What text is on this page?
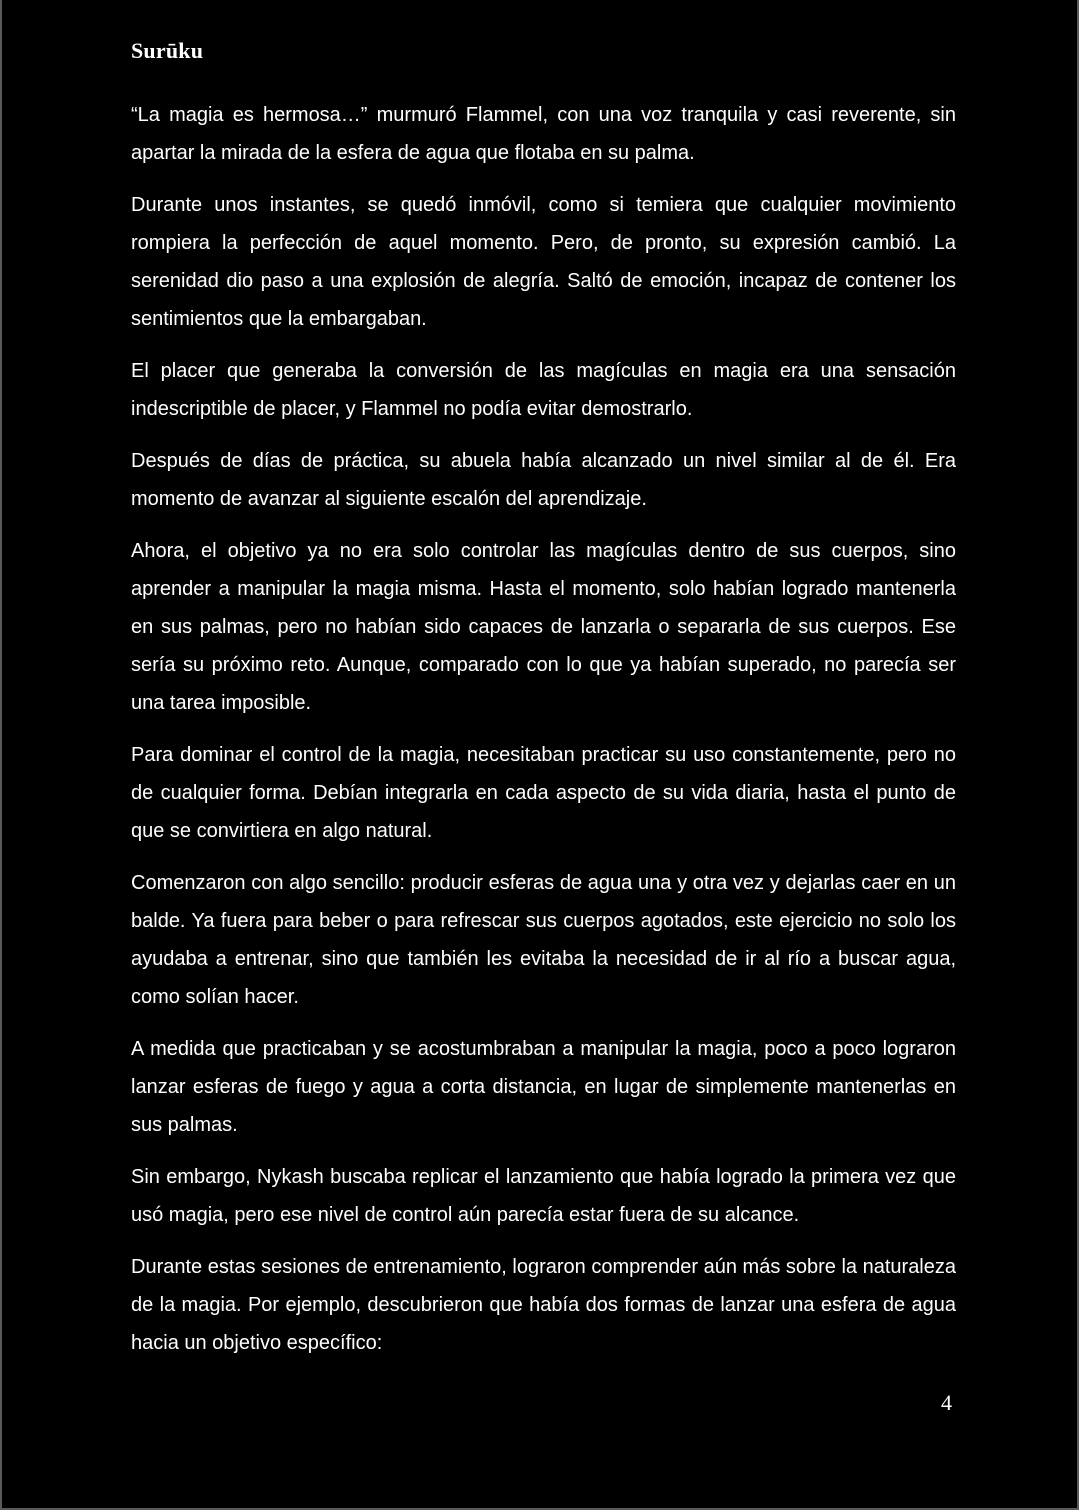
Surūku

“La magia es hermosa…” murmuró Flammel, con una voz tranquila y casi reverente, sin apartar la mirada de la esfera de agua que flotaba en su palma.

Durante unos instantes, se quedó inmóvil, como si temiera que cualquier movimiento rompiera la perfección de aquel momento. Pero, de pronto, su expresión cambió. La serenidad dio paso a una explosión de alegría. Saltó de emoción, incapaz de contener los sentimientos que la embargaban.

El placer que generaba la conversión de las magículas en magia era una sensación indescriptible de placer, y Flammel no podía evitar demostrarlo.

Después de días de práctica, su abuela había alcanzado un nivel similar al de él. Era momento de avanzar al siguiente escalón del aprendizaje.

Ahora, el objetivo ya no era solo controlar las magículas dentro de sus cuerpos, sino aprender a manipular la magia misma. Hasta el momento, solo habían logrado mantenerla en sus palmas, pero no habían sido capaces de lanzarla o separarla de sus cuerpos. Ese sería su próximo reto. Aunque, comparado con lo que ya habían superado, no parecía ser una tarea imposible.

Para dominar el control de la magia, necesitaban practicar su uso constantemente, pero no de cualquier forma. Debían integrarla en cada aspecto de su vida diaria, hasta el punto de que se convirtiera en algo natural.

Comenzaron con algo sencillo: producir esferas de agua una y otra vez y dejarlas caer en un balde. Ya fuera para beber o para refrescar sus cuerpos agotados, este ejercicio no solo los ayudaba a entrenar, sino que también les evitaba la necesidad de ir al río a buscar agua, como solían hacer.

A medida que practicaban y se acostumbraban a manipular la magia, poco a poco lograron lanzar esferas de fuego y agua a corta distancia, en lugar de simplemente mantenerlas en sus palmas.

Sin embargo, Nykash buscaba replicar el lanzamiento que había logrado la primera vez que usó magia, pero ese nivel de control aún parecía estar fuera de su alcance.

Durante estas sesiones de entrenamiento, lograron comprender aún más sobre la naturaleza de la magia. Por ejemplo, descubrieron que había dos formas de lanzar una esfera de agua hacia un objetivo específico:

4
